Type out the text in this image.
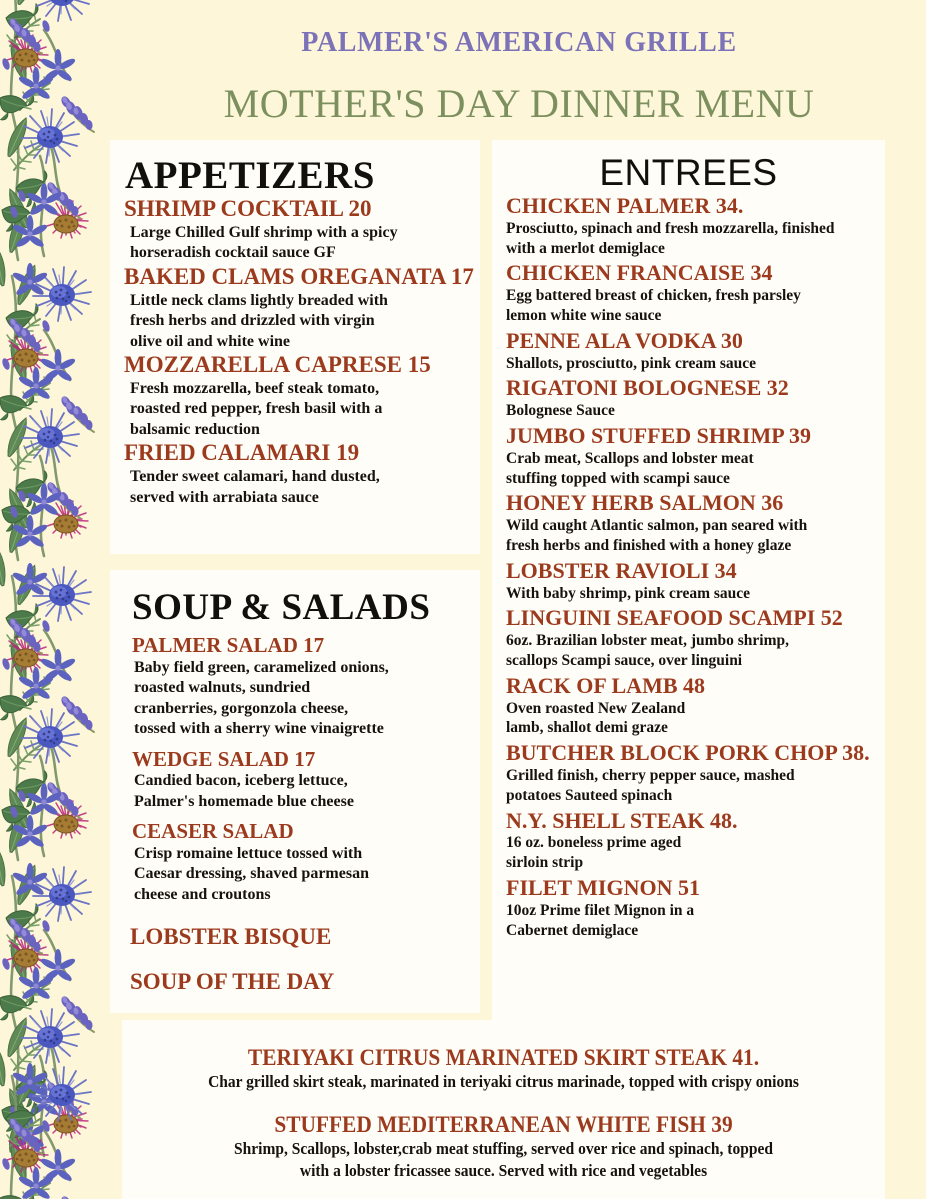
PALMER'S AMERICAN GRILLE
MOTHER'S DAY DINNER MENU
APPETIZERS
SHRIMP COCKTAIL 20
Large Chilled Gulf shrimp with a spicy
horseradish cocktail sauce GF
BAKED CLAMS OREGANATA 17
Little neck clams lightly breaded with
fresh herbs and drizzled with virgin
olive oil and white wine
MOZZARELLA CAPRESE 15
Fresh mozzarella, beef steak tomato,
roasted red pepper, fresh basil with a
balsamic reduction
FRIED CALAMARI 19
Tender sweet calamari, hand dusted,
served with arrabiata sauce
SOUP & SALADS
PALMER SALAD 17
Baby field green, caramelized onions,
roasted walnuts, sundried
cranberries, gorgonzola cheese,
tossed with a sherry wine vinaigrette
WEDGE SALAD 17
Candied bacon, iceberg lettuce,
Palmer's homemade blue cheese
CEASER SALAD
Crisp romaine lettuce tossed with
Caesar dressing, shaved parmesan
cheese and croutons
LOBSTER BISQUE
SOUP OF THE DAY
ENTREES
CHICKEN PALMER 34.
Prosciutto, spinach and fresh mozzarella, finished
with a merlot demiglace
CHICKEN FRANCAISE 34
Egg battered breast of chicken, fresh parsley
lemon white wine sauce
PENNE ALA VODKA 30
Shallots, prosciutto, pink cream sauce
RIGATONI BOLOGNESE 32
Bolognese Sauce
JUMBO STUFFED SHRIMP 39
Crab meat, Scallops and lobster meat
stuffing topped with scampi sauce
HONEY HERB SALMON 36
Wild caught Atlantic salmon, pan seared with
fresh herbs and finished with a honey glaze
LOBSTER RAVIOLI 34
With baby shrimp, pink cream sauce
LINGUINI SEAFOOD SCAMPI 52
6oz. Brazilian lobster meat, jumbo shrimp,
scallops Scampi sauce, over linguini
RACK OF LAMB 48
Oven roasted New Zealand
lamb, shallot demi graze
BUTCHER BLOCK PORK CHOP 38.
Grilled finish, cherry pepper sauce, mashed
potatoes Sauteed spinach
N.Y. SHELL STEAK 48.
16 oz. boneless prime aged
sirloin strip
FILET MIGNON 51
10oz Prime filet Mignon in a
Cabernet demiglace
TERIYAKI CITRUS MARINATED SKIRT STEAK 41.
Char grilled skirt steak, marinated in teriyaki citrus marinade, topped with crispy onions
STUFFED MEDITERRANEAN WHITE FISH 39
Shrimp, Scallops, lobster,crab meat stuffing, served over rice and spinach, topped
with a lobster fricassee sauce. Served with rice and vegetables
